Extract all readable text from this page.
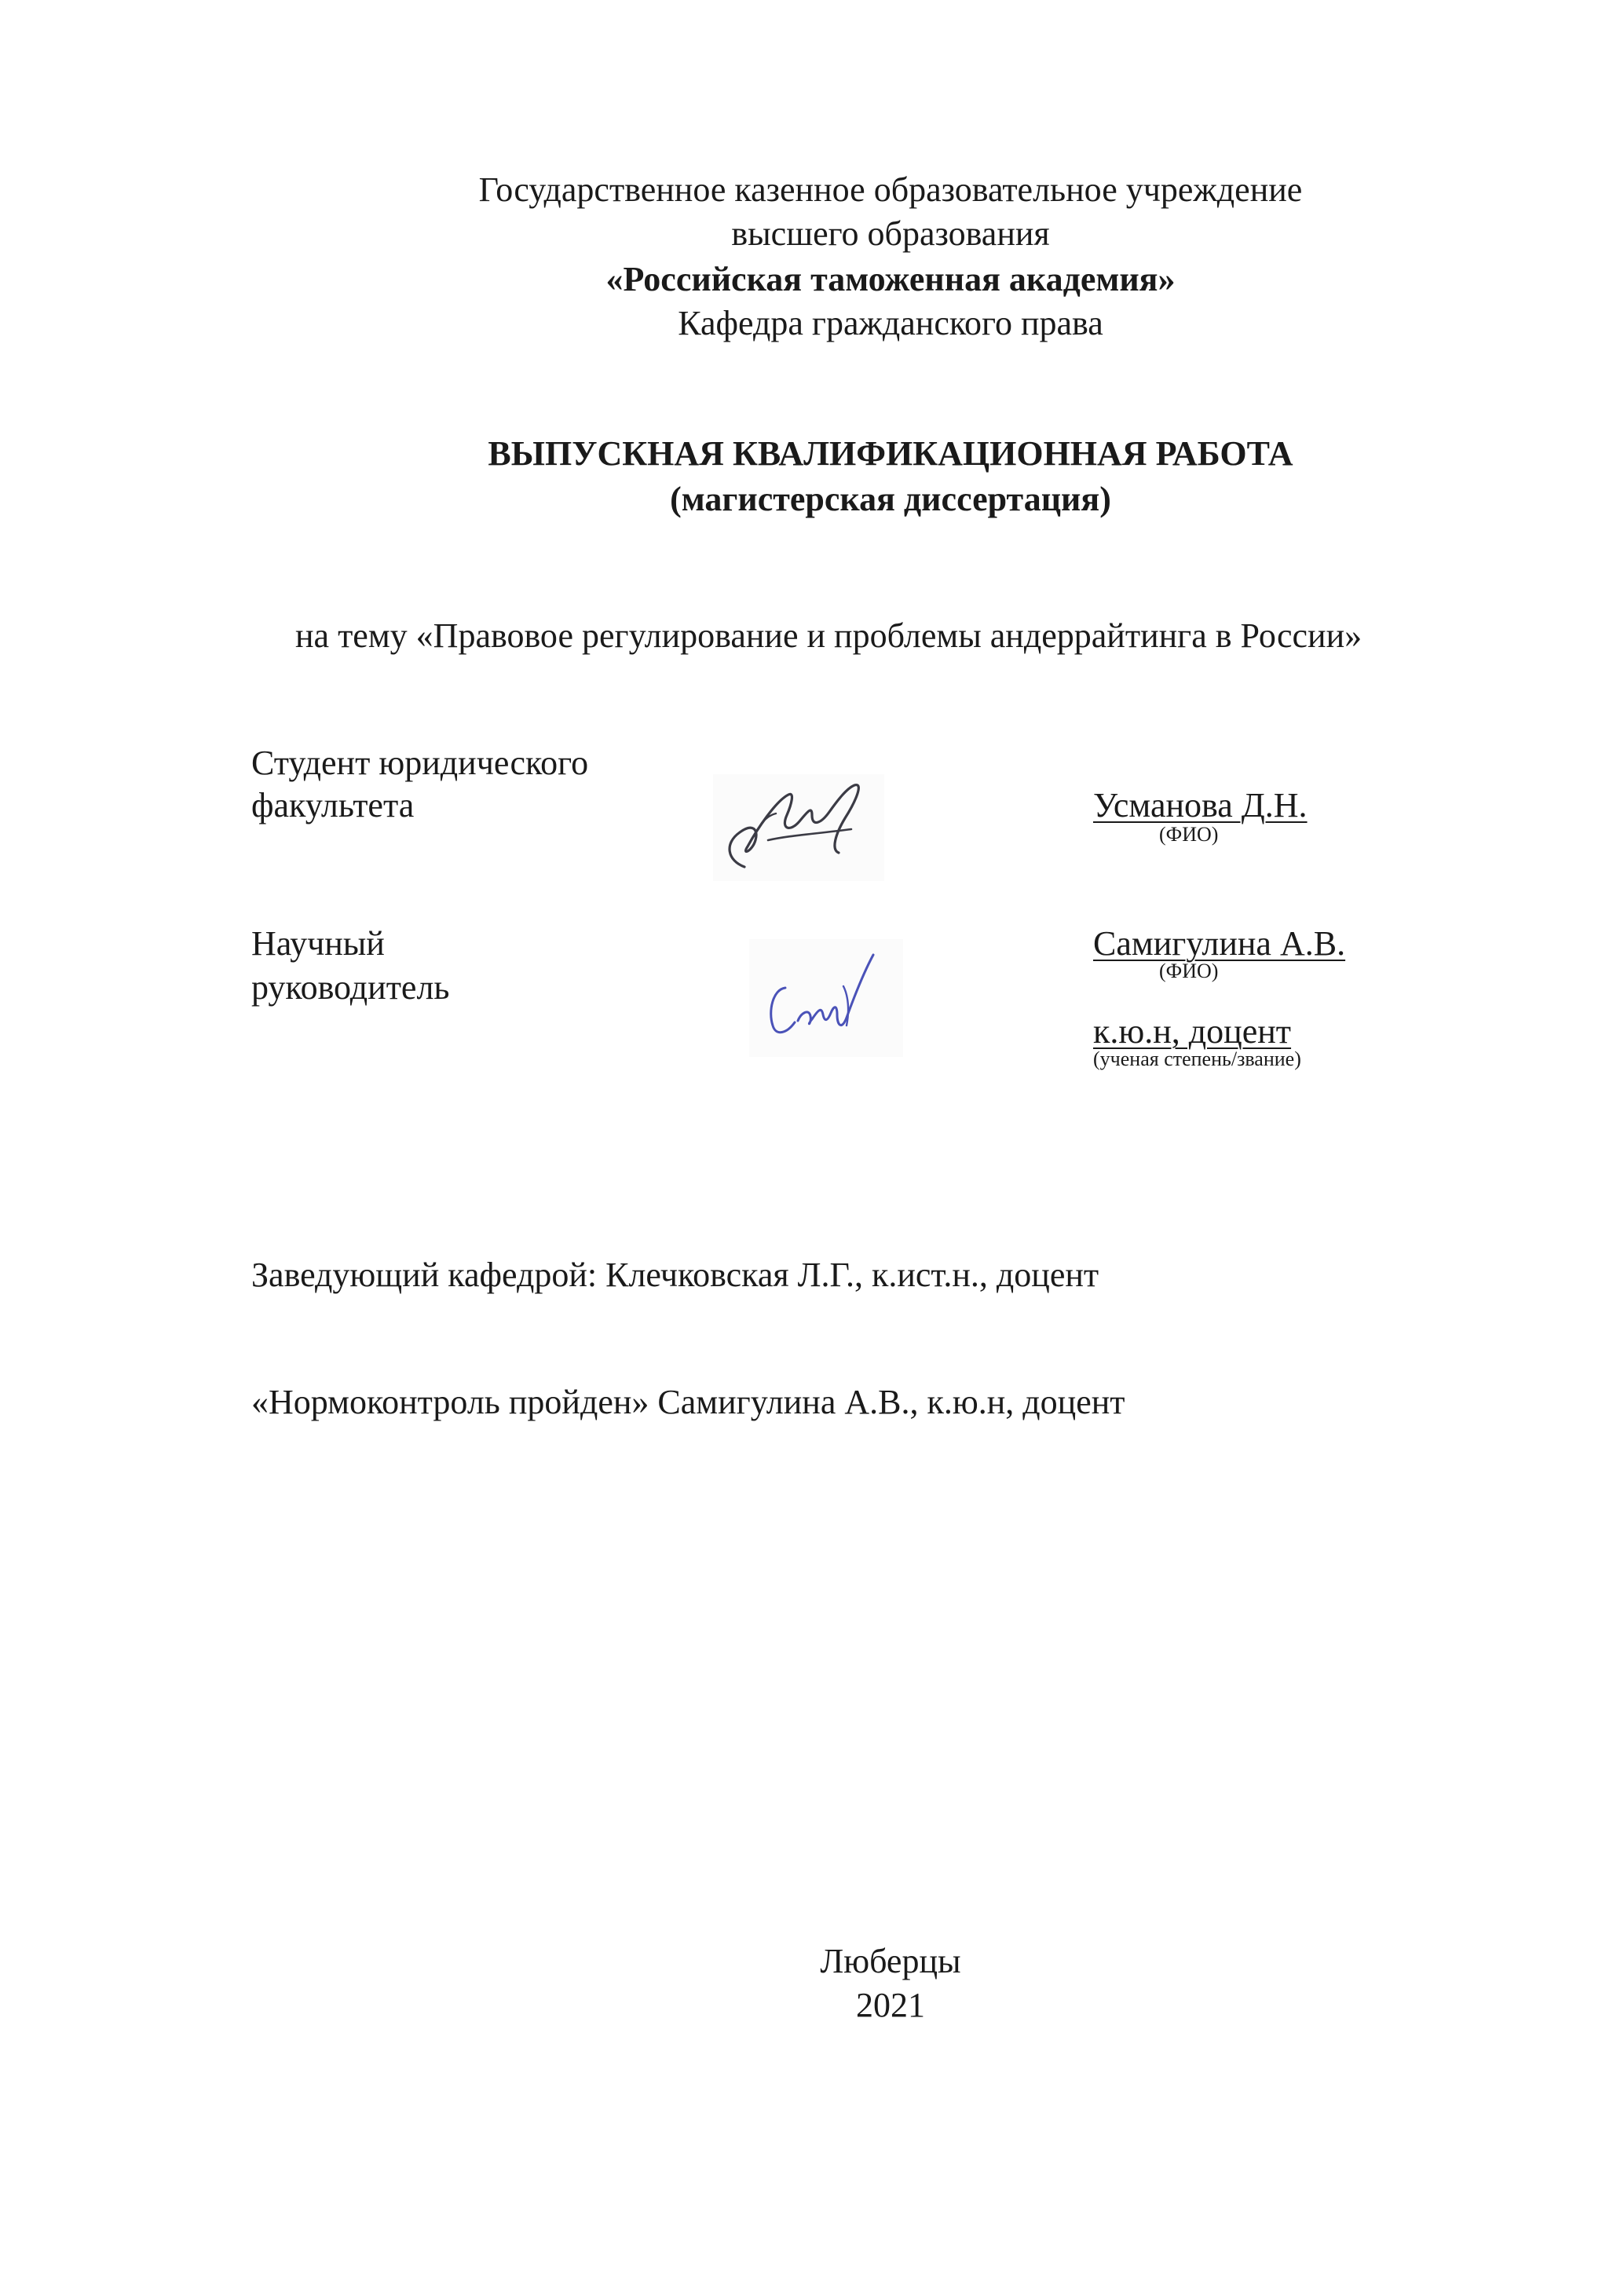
Государственное казенное образовательное учреждение
высшего образования
«Российская таможенная академия»
Кафедра гражданского права
ВЫПУСКНАЯ КВАЛИФИКАЦИОННАЯ РАБОТА
(магистерская диссертация)
на тему «Правовое регулирование и проблемы андеррайтинга в России»
Студент юридического
факультета	Усманова Д.Н.
(ФИО)
Научный
руководитель
Самигулина А.В.
(ФИО)
к.ю.н, доцент
(ученая степень/звание)
Заведующий кафедрой: Клечковская Л.Г., к.ист.н., доцент
«Нормоконтроль пройден» Самигулина А.В., к.ю.н, доцент
Люберцы
2021
